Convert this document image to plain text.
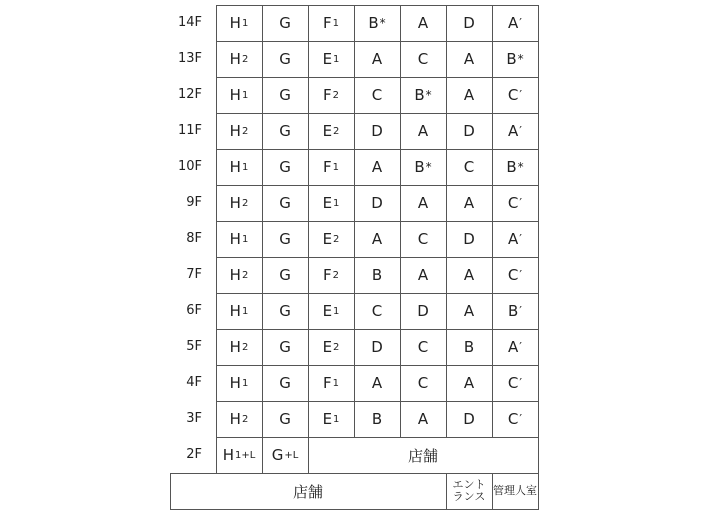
14F
13F
12F
11F
10F
9F
8F
7F
6F
5F
4F
3F
2F
H 1 G F 1 B * A D A ′
H 2 G E 1 A C A B *
H 1 G F 2 C B * A C ′
H 2 G E 2 D A D A ′
H 1 G F 1 A B * C B *
H 2 G E 1 D A A C ′
H 1 G E 2 A C D A ′
H 2 G F 2 B A A C ′
H 1 G E 1 C D A B ′
H 2 G E 2 D C B A ′
H 1 G F 1 A C A C ′
H 2 G E 1 B A D C ′
H 1+L G +L	店舗
店舗	エント
ランス 管理人室
